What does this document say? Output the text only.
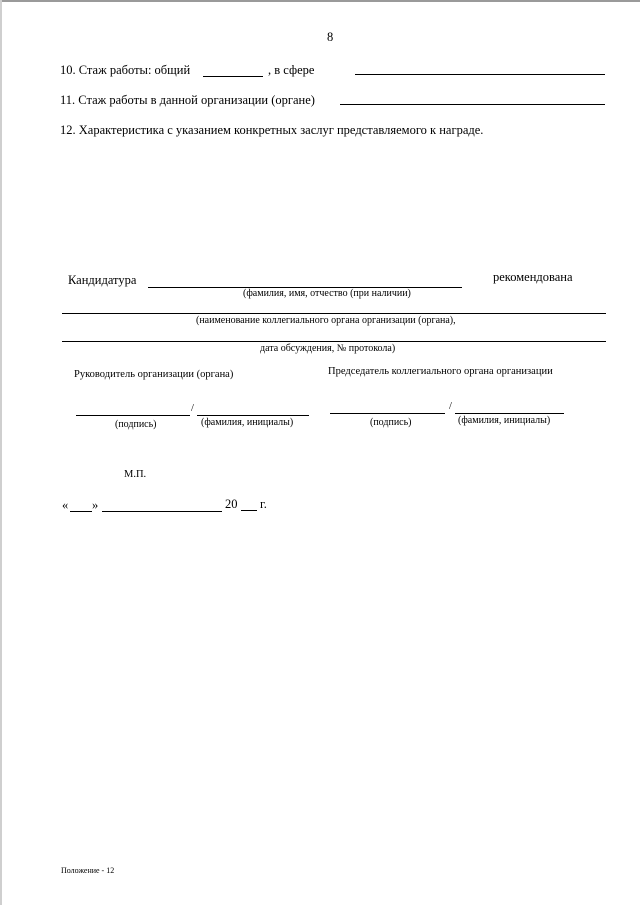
8
10. Стаж работы: общий	, в сфере
11. Стаж работы в данной организации (органе)
12. Характеристика с указанием конкретных заслуг представляемого к награде.
Кандидатура	рекомендована
(фамилия, имя, отчество (при наличии)
(наименование коллегиального органа организации (органа),
дата обсуждения, № протокола)
Руководитель организации (органа)	Председатель коллегиального органа организации
/	/
(подпись)	(фамилия, инициалы)	(подпись)	(фамилия, инициалы)
М.П.
« »	20 г.
Положение - 12
